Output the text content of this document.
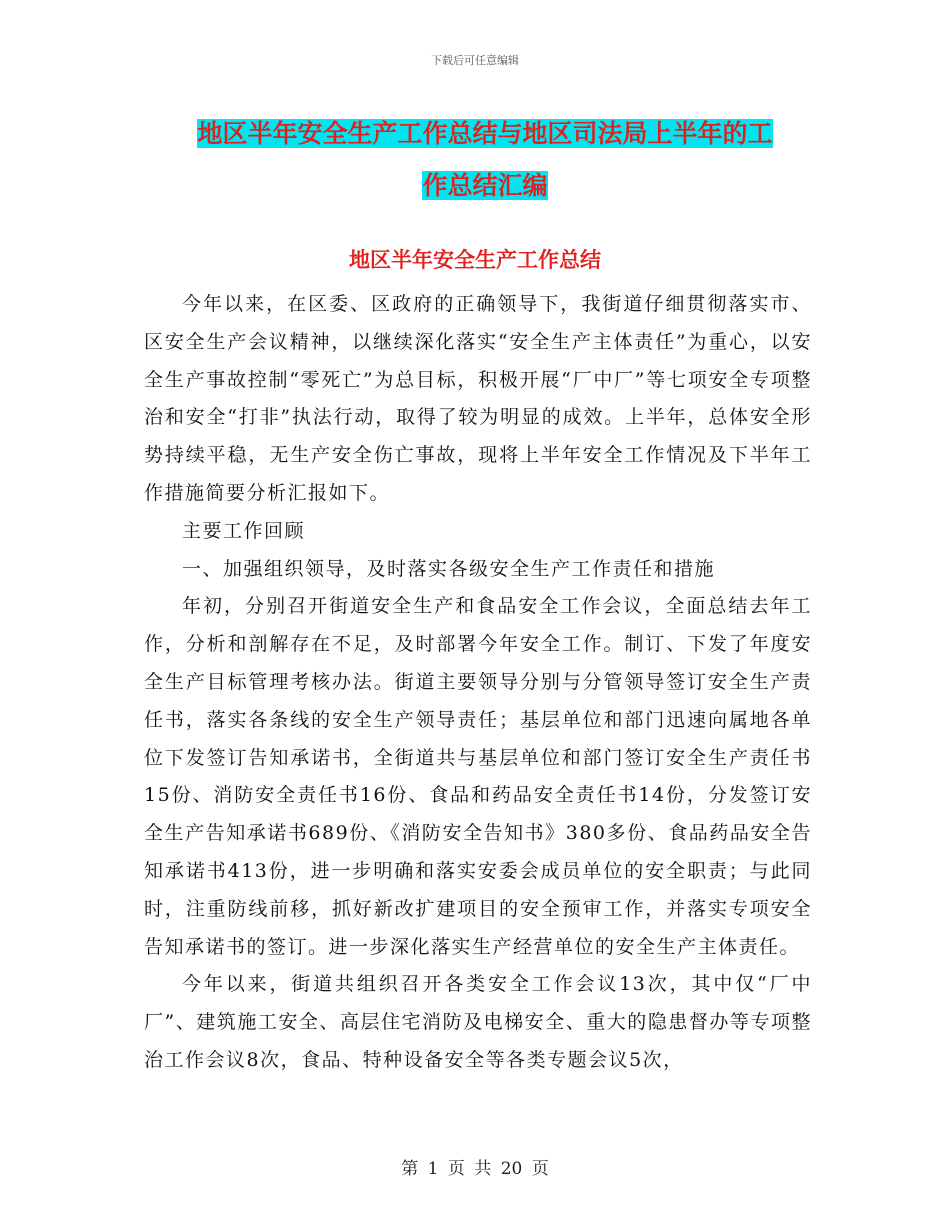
下载后可任意编辑
地区半年安全生产工作总结与地区司法局上半年的工
作总结汇编
地区半年安全生产工作总结

今年以来，在区委、区政府的正确领导下，我街道仔细贯彻落实市、区安全生产会议精神，以继续深化落实“安全生产主体责任”为重心，以安全生产事故控制“零死亡”为总目标，积极开展“厂中厂”等七项安全专项整治和安全“打非”执法行动，取得了较为明显的成效。上半年，总体安全形势持续平稳，无生产安全伤亡事故，现将上半年安全工作情况及下半年工作措施简要分析汇报如下。

主要工作回顾

一、加强组织领导，及时落实各级安全生产工作责任和措施

年初，分别召开街道安全生产和食品安全工作会议，全面总结去年工作，分析和剖解存在不足，及时部署今年安全工作。制订、下发了年度安全生产目标管理考核办法。街道主要领导分别与分管领导签订安全生产责任书，落实各条线的安全生产领导责任；基层单位和部门迅速向属地各单位下发签订告知承诺书，全街道共与基层单位和部门签订安全生产责任书15份、消防安全责任书16份、食品和药品安全责任书14份，分发签订安全生产告知承诺书689份、《消防安全告知书》380多份、食品药品安全告知承诺书413份，进一步明确和落实安委会成员单位的安全职责；与此同时，注重防线前移，抓好新改扩建项目的安全预审工作，并落实专项安全告知承诺书的签订。进一步深化落实生产经营单位的安全生产主体责任。

今年以来，街道共组织召开各类安全工作会议13次，其中仅“厂中厂”、建筑施工安全、高层住宅消防及电梯安全、重大的隐患督办等专项整治工作会议8次，食品、特种设备安全等各类专题会议5次，

第 1 页 共 20 页
